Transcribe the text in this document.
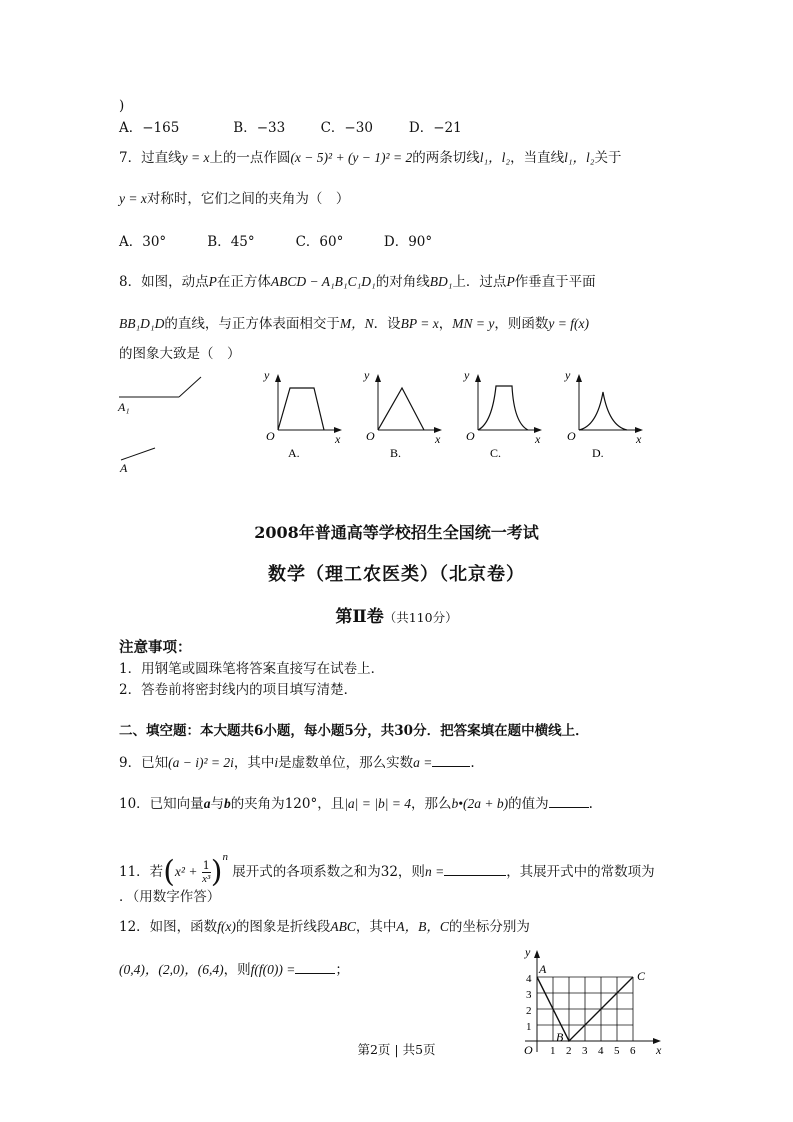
)
A．−165	B．−33	C．−30	D．−21
7．过直线y = x上的一点作圆(x − 5)² + (y − 1)² = 2的两条切线l₁，l₂，当直线l₁，l₂关于
y = x对称时，它们之间的夹角为（　）
A．30°	B．45°	C．60°	D．90°
8．如图，动点P在正方体ABCD − A₁B₁C₁D₁的对角线BD₁上．过点P作垂直于平面
BB₁D₁D的直线，与正方体表面相交于M，N．设BP = x，MN = y，则函数y = f(x)
的图象大致是（　）
A₁
A
y
x
O
A.
y
x
O
B.
y
x
O
C.
y
x
O
D.
2008年普通高等学校招生全国统一考试
数学（理工农医类）（北京卷）
第Ⅱ卷（共110分）
注意事项：
1．用钢笔或圆珠笔将答案直接写在试卷上．
2．答卷前将密封线内的项目填写清楚．
二、填空题：本大题共6小题，每小题5分，共30分．把答案填在题中横线上．
9．已知(a − i)² = 2i，其中i是虚数单位，那么实数a =	.
10．已知向量a与b的夹角为120°，且|a| = |b| = 4，那么b•(2a + b)的值为	.
11．若$(x^2 + \frac{1}{\text{x³}} )^n$ 展开式的各项系数之和为32，则n =	，其展开式中的常数项为
．（用数字作答）
12．如图，函数f(x)的图象是折线段ABC，其中A，B，C的坐标分别为
(0,4)，(2,0)，(6,4)，则f(f(0)) =	；
y
x
O
1
2
3
4
1 2 3 4 5 6
A
B
C
第2页 | 共5页
